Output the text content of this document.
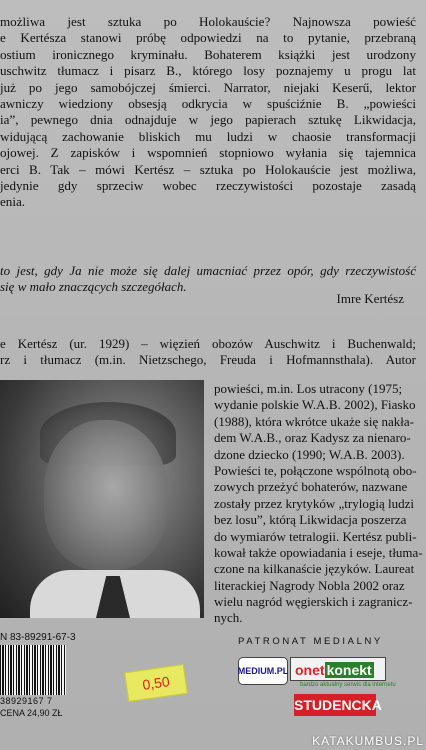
możliwa jest sztuka po Holokauście? Najnowsza powieść
e Kertésza stanowi próbę odpowiedzi na to pytanie, przebraną
ostium ironicznego kryminału. Bohaterem książki jest urodzony
uschwitz tłumacz i pisarz B., którego losy poznajemy u progu lat
już po jego samobójczej śmierci. Narrator, niejaki Keserű, lektor
awniczy wiedziony obsesją odkrycia w spuściźnie B. „powieści
ia”, pewnego dnia odnajduje w jego papierach sztukę Likwidacja,
widującą zachowanie bliskich mu ludzi w chaosie transformacji
ojowej. Z zapisków i wspomnień stopniowo wyłania się tajemnica
erci B. Tak – mówi Kertész – sztuka po Holokauście jest możliwa,
jedynie gdy sprzeciw wobec rzeczywistości pozostaje zasadą
enia.
to jest, gdy Ja nie może się dalej umacniać przez opór, gdy rzeczywistość
się w mało znaczących szczegółach.
Imre Kertész
e Kertész (ur. 1929) – więzień obozów Auschwitz i Buchenwald;
rz i tłumacz (m.in. Nietzschego, Freuda i Hofmannsthala). Autor
powieści, m.in. Los utracony (1975;
wydanie polskie W.A.B. 2002), Fiasko
(1988), która wkrótce ukaże się nakła-
dem W.A.B., oraz Kadysz za nienaro-
dzone dziecko (1990; W.A.B. 2003).
Powieści te, połączone wspólnotą obo-
zowych przeżyć bohaterów, nazwane
zostały przez krytyków „trylogią ludzi
bez losu”, którą Likwidacja poszerza
do wymiarów tetralogii. Kertész publi-
kował także opowiadania i eseje, tłuma-
czone na kilkanaście języków. Laureat
literackiej Nagrody Nobla 2002 oraz
wielu nagród węgierskich i zagranicz-
nych.
N 83-89291-67-3
38929167 7
CENA 24,90 ZŁ
0,50
PATRONAT MEDIALNY
M EDIUM.PL onet konekt
bardzo aktualny serwis dla internetu
STUDENCKA
KATAKUMBUS.PL
